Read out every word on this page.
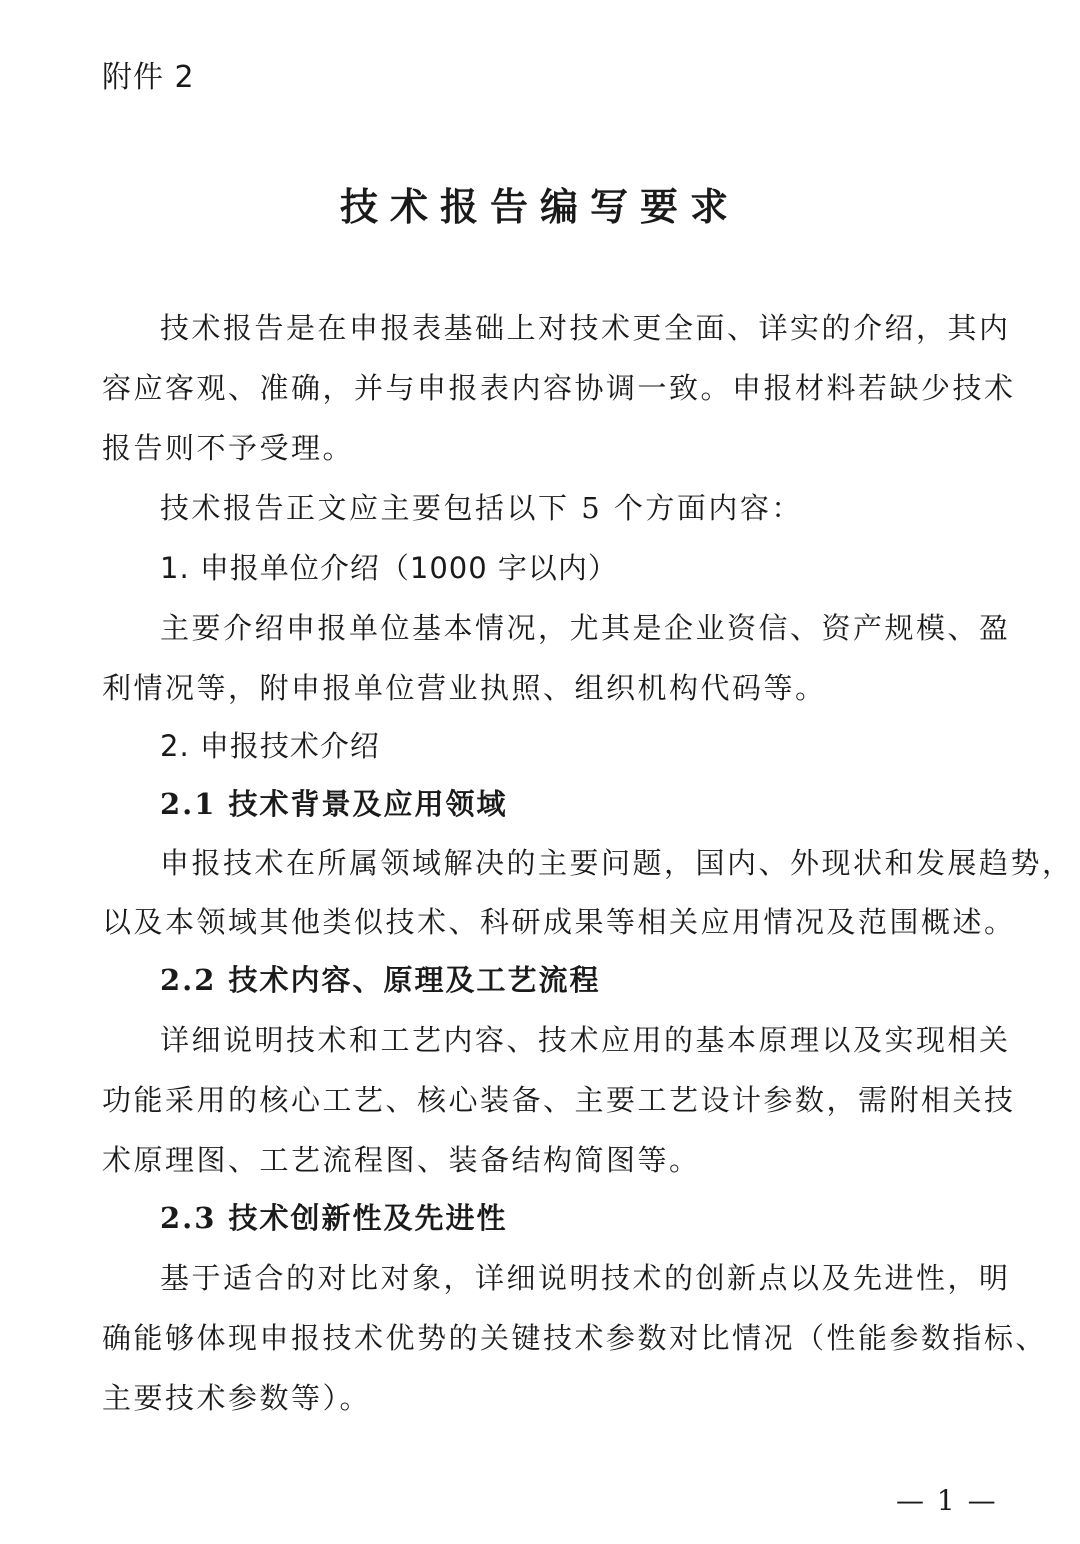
附件 2
技术报告编写要求
技术报告是在申报表基础上对技术更全面、详实的介绍，其内
容应客观、准确，并与申报表内容协调一致。申报材料若缺少技术
报告则不予受理。
技术报告正文应主要包括以下 5 个方面内容：
1. 申报单位介绍（1000 字以内）
主要介绍申报单位基本情况，尤其是企业资信、资产规模、盈
利情况等，附申报单位营业执照、组织机构代码等。
2. 申报技术介绍
2.1 技术背景及应用领域
申报技术在所属领域解决的主要问题，国内、外现状和发展趋势，
以及本领域其他类似技术、科研成果等相关应用情况及范围概述。
2.2 技术内容、原理及工艺流程
详细说明技术和工艺内容、技术应用的基本原理以及实现相关
功能采用的核心工艺、核心装备、主要工艺设计参数，需附相关技
术原理图、工艺流程图、装备结构简图等。
2.3 技术创新性及先进性
基于适合的对比对象，详细说明技术的创新点以及先进性，明
确能够体现申报技术优势的关键技术参数对比情况（性能参数指标、
主要技术参数等）。
— 1 —
